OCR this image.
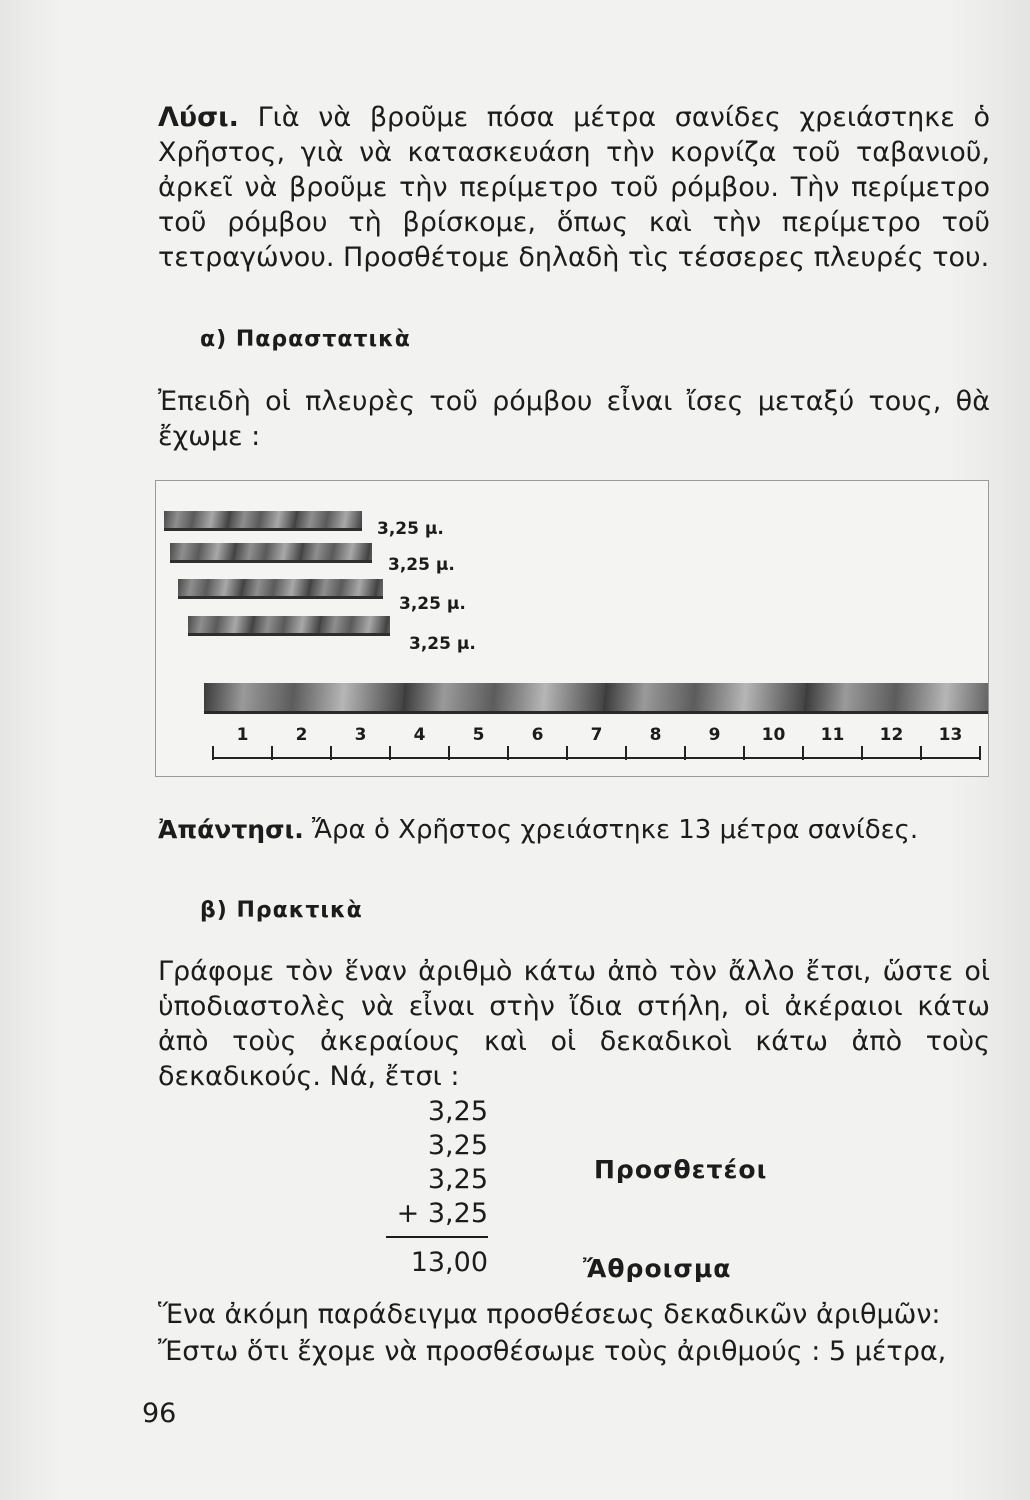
Λύσι. Γιὰ νὰ βροῦμε πόσα μέτρα σανίδες χρειάστηκε ὁ Χρῆστος, γιὰ νὰ κατασκευάση τὴν κορνίζα τοῦ ταβανιοῦ, ἀρκεῖ νὰ βροῦμε τὴν περίμετρο τοῦ ρόμβου. Τὴν περίμετρο τοῦ ρόμβου τὴ βρίσκομε, ὅπως καὶ τὴν περίμετρο τοῦ τετραγώνου. Προσθέτομε δηλαδὴ τὶς τέσσερες πλευρές του.

α) Παραστατικὰ

Ἐπειδὴ οἱ πλευρὲς τοῦ ρόμβου εἶναι ἴσες μεταξύ τους, θὰ ἔχωμε :

3,25 μ.
3,25 μ.
3,25 μ.
3,25 μ.
1	2	3	4	5	6	7	8	9	10	11	12	13

Ἀπάντησι. Ἄρα ὁ Χρῆστος χρειάστηκε 13 μέτρα σανίδες.

β) Πρακτικὰ

Γράφομε τὸν ἕναν ἀριθμὸ κάτω ἀπὸ τὸν ἄλλο ἔτσι, ὥστε οἱ ὑποδιαστολὲς νὰ εἶναι στὴν ἴδια στήλη, οἱ ἀκέραιοι κάτω ἀπὸ τοὺς ἀκεραίους καὶ οἱ δεκαδικοὶ κάτω ἀπὸ τοὺς δεκαδικούς. Νά, ἔτσι :

3,25
3,25
3,25
+ 3,25
13,00
Προσθετέοι
Ἄθροισμα
Ἕνα ἀκόμη παράδειγμα προσθέσεως δεκαδικῶν ἀριθμῶν:
Ἔστω ὅτι ἔχομε νὰ προσθέσωμε τοὺς ἀριθμούς : 5 μέτρα,
96
